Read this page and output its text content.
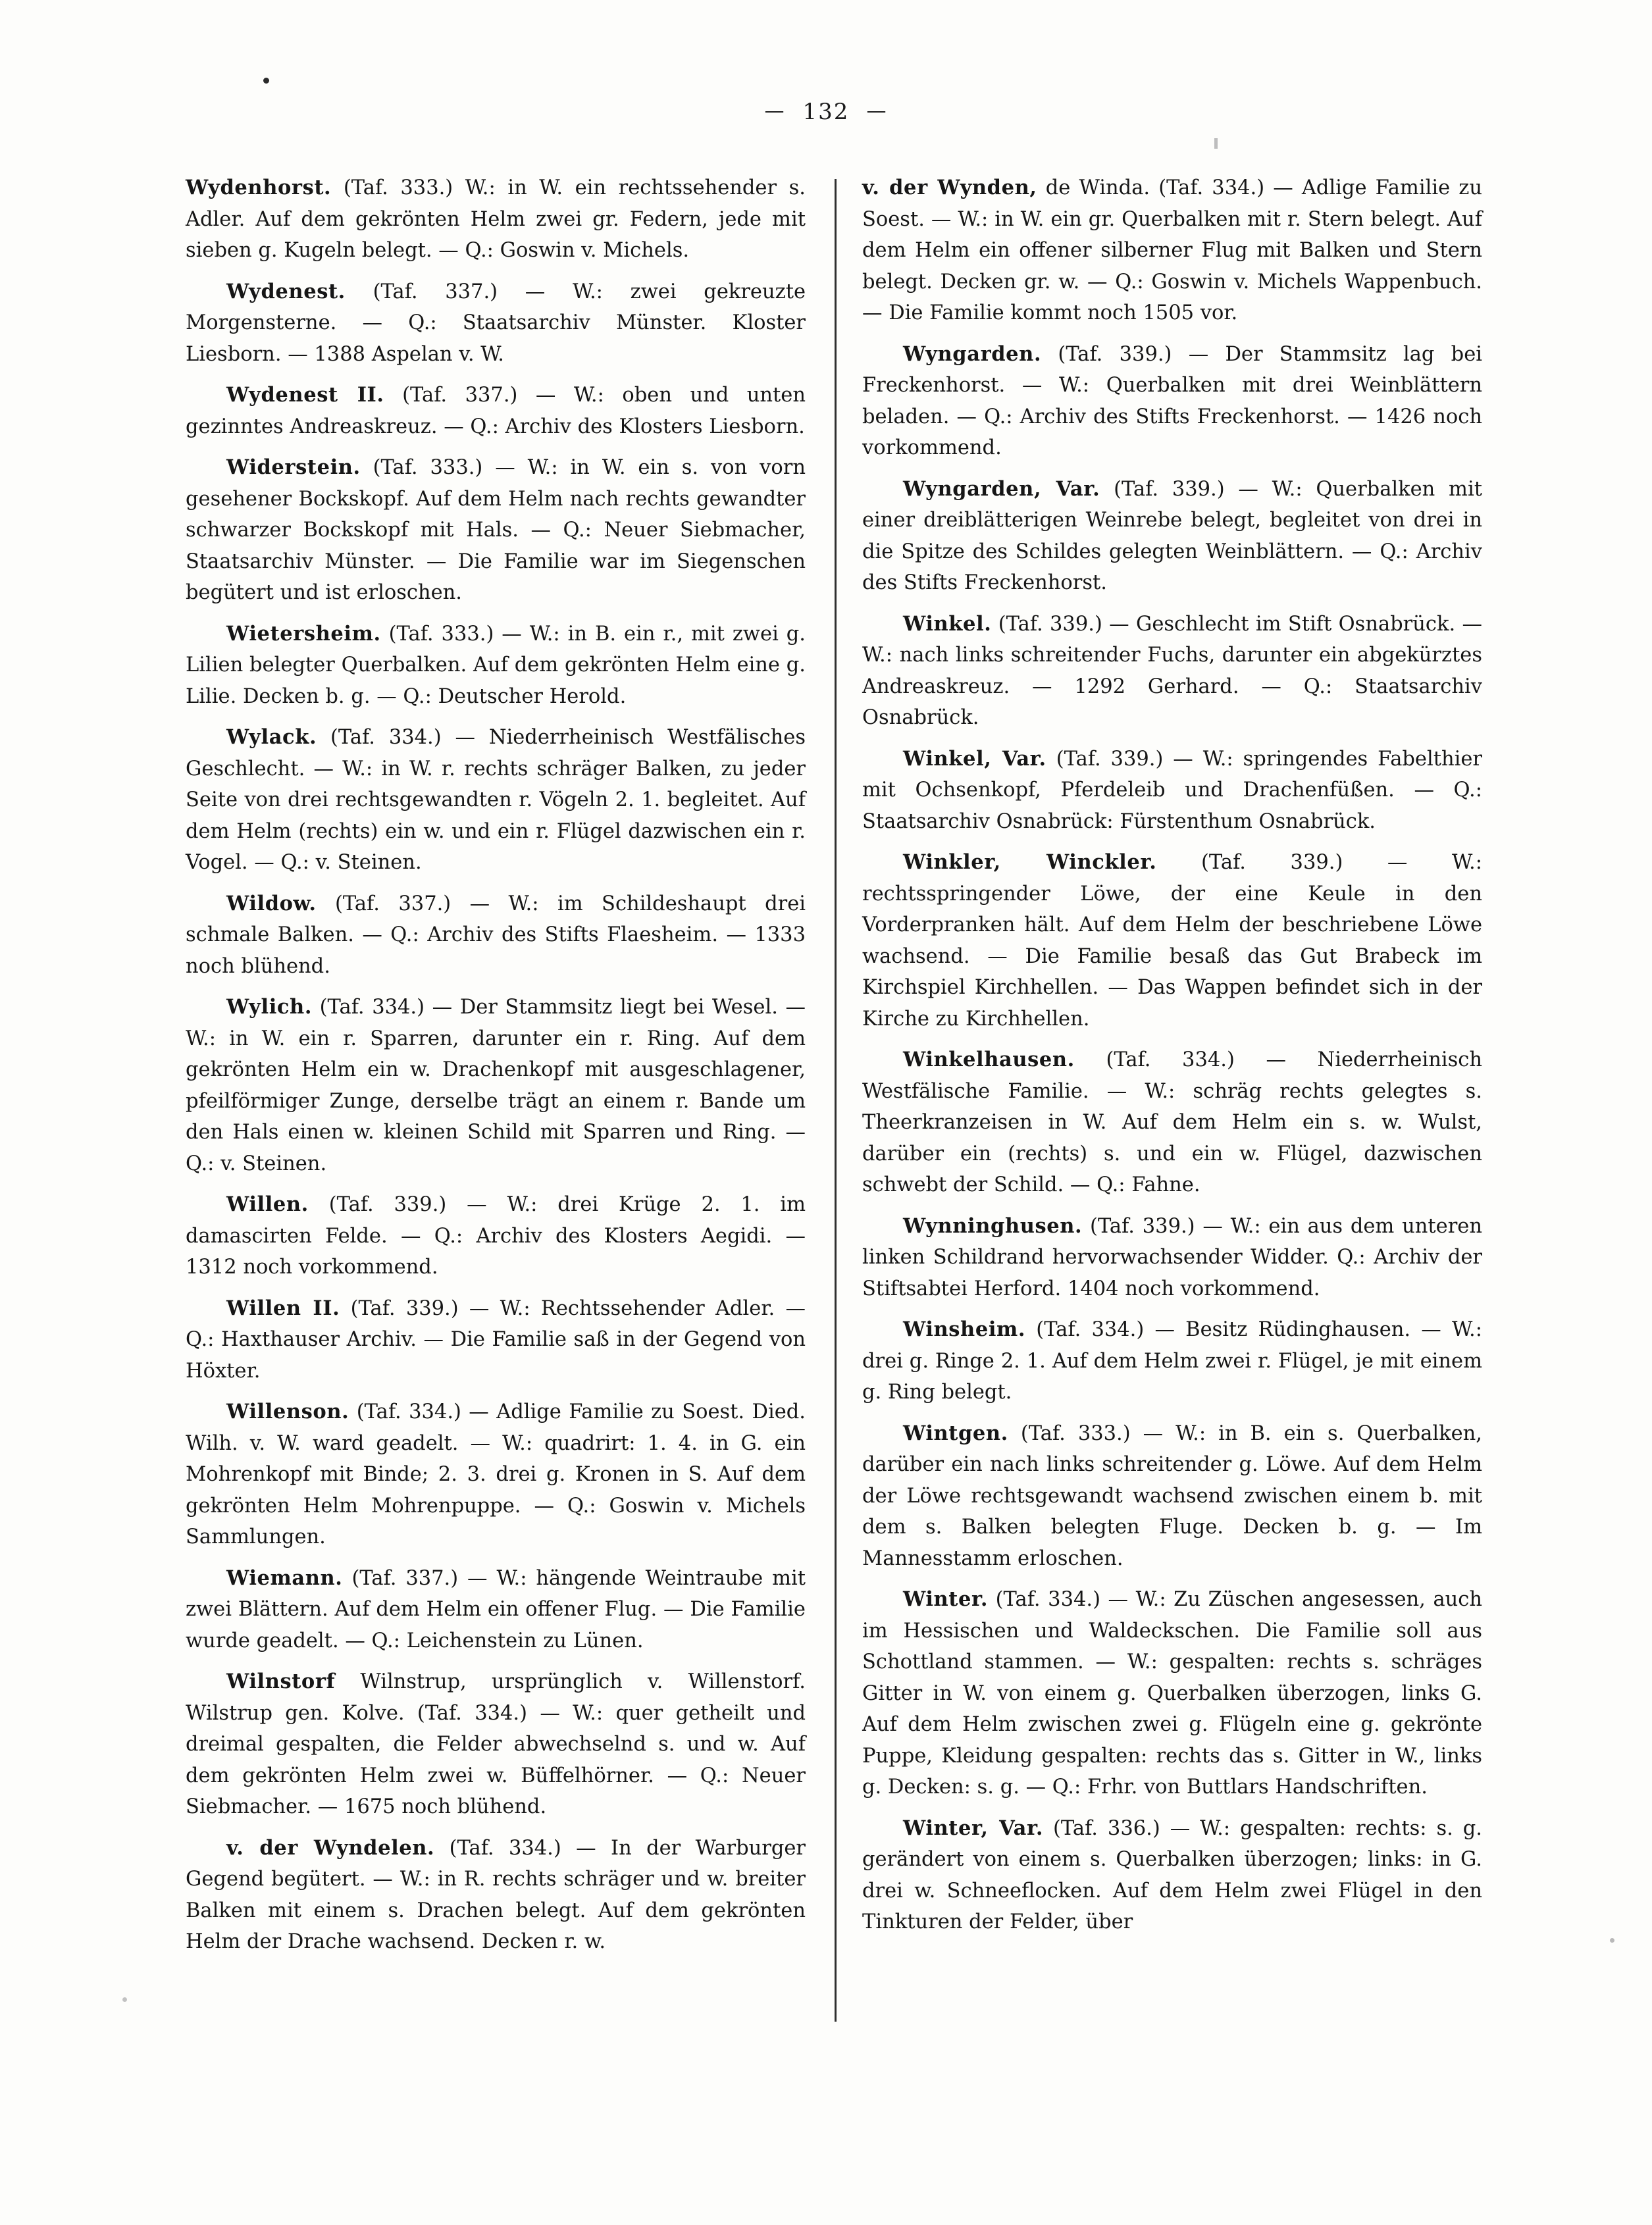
— 132 —

Wydenhorst. (Taf. 333.) W.: in W. ein rechtssehender s. Adler. Auf dem gekrönten Helm zwei gr. Federn, jede mit sieben g. Kugeln belegt. — Q.: Goswin v. Michels.

Wydenest. (Taf. 337.) — W.: zwei gekreuzte Morgensterne. — Q.: Staatsarchiv Münster. Kloster Liesborn. — 1388 Aspelan v. W.

Wydenest II. (Taf. 337.) — W.: oben und unten gezinntes Andreaskreuz. — Q.: Archiv des Klosters Liesborn.

Widerstein. (Taf. 333.) — W.: in W. ein s. von vorn gesehener Bockskopf. Auf dem Helm nach rechts gewandter schwarzer Bockskopf mit Hals. — Q.: Neuer Siebmacher, Staatsarchiv Münster. — Die Familie war im Siegenschen begütert und ist erloschen.

Wietersheim. (Taf. 333.) — W.: in B. ein r., mit zwei g. Lilien belegter Querbalken. Auf dem gekrönten Helm eine g. Lilie. Decken b. g. — Q.: Deutscher Herold.

Wylack. (Taf. 334.) — Niederrheinisch Westfälisches Geschlecht. — W.: in W. r. rechts schräger Balken, zu jeder Seite von drei rechtsgewandten r. Vögeln 2. 1. begleitet. Auf dem Helm (rechts) ein w. und ein r. Flügel dazwischen ein r. Vogel. — Q.: v. Steinen.

Wildow. (Taf. 337.) — W.: im Schildeshaupt drei schmale Balken. — Q.: Archiv des Stifts Flaesheim. — 1333 noch blühend.

Wylich. (Taf. 334.) — Der Stammsitz liegt bei Wesel. — W.: in W. ein r. Sparren, darunter ein r. Ring. Auf dem gekrönten Helm ein w. Drachenkopf mit ausgeschlagener, pfeilförmiger Zunge, derselbe trägt an einem r. Bande um den Hals einen w. kleinen Schild mit Sparren und Ring. — Q.: v. Steinen.

Willen. (Taf. 339.) — W.: drei Krüge 2. 1. im damascirten Felde. — Q.: Archiv des Klosters Aegidi. — 1312 noch vorkommend.

Willen II. (Taf. 339.) — W.: Rechtssehender Adler. — Q.: Haxthauser Archiv. — Die Familie saß in der Gegend von Höxter.

Willenson. (Taf. 334.) — Adlige Familie zu Soest. Died. Wilh. v. W. ward geadelt. — W.: quadrirt: 1. 4. in G. ein Mohrenkopf mit Binde; 2. 3. drei g. Kronen in S. Auf dem gekrönten Helm Mohrenpuppe. — Q.: Goswin v. Michels Sammlungen.

Wiemann. (Taf. 337.) — W.: hängende Weintraube mit zwei Blättern. Auf dem Helm ein offener Flug. — Die Familie wurde geadelt. — Q.: Leichenstein zu Lünen.

Wilnstorf Wilnstrup, ursprünglich v. Willenstorf. Wilstrup gen. Kolve. (Taf. 334.) — W.: quer getheilt und dreimal gespalten, die Felder abwechselnd s. und w. Auf dem gekrönten Helm zwei w. Büffelhörner. — Q.: Neuer Siebmacher. — 1675 noch blühend.

v. der Wyndelen. (Taf. 334.) — In der Warburger Gegend begütert. — W.: in R. rechts schräger und w. breiter Balken mit einem s. Drachen belegt. Auf dem gekrönten Helm der Drache wachsend. Decken r. w.

v. der Wynden, de Winda. (Taf. 334.) — Adlige Familie zu Soest. — W.: in W. ein gr. Querbalken mit r. Stern belegt. Auf dem Helm ein offener silberner Flug mit Balken und Stern belegt. Decken gr. w. — Q.: Goswin v. Michels Wappenbuch. — Die Familie kommt noch 1505 vor.

Wyngarden. (Taf. 339.) — Der Stammsitz lag bei Freckenhorst. — W.: Querbalken mit drei Weinblättern beladen. — Q.: Archiv des Stifts Freckenhorst. — 1426 noch vorkommend.

Wyngarden, Var. (Taf. 339.) — W.: Querbalken mit einer dreiblätterigen Weinrebe belegt, begleitet von drei in die Spitze des Schildes gelegten Weinblättern. — Q.: Archiv des Stifts Freckenhorst.

Winkel. (Taf. 339.) — Geschlecht im Stift Osnabrück. — W.: nach links schreitender Fuchs, darunter ein abgekürztes Andreaskreuz. — 1292 Gerhard. — Q.: Staatsarchiv Osnabrück.

Winkel, Var. (Taf. 339.) — W.: springendes Fabelthier mit Ochsenkopf, Pferdeleib und Drachenfüßen. — Q.: Staatsarchiv Osnabrück: Fürstenthum Osnabrück.

Winkler, Winckler. (Taf. 339.) — W.: rechtsspringender Löwe, der eine Keule in den Vorderpranken hält. Auf dem Helm der beschriebene Löwe wachsend. — Die Familie besaß das Gut Brabeck im Kirchspiel Kirchhellen. — Das Wappen befindet sich in der Kirche zu Kirchhellen.

Winkelhausen. (Taf. 334.) — Niederrheinisch Westfälische Familie. — W.: schräg rechts gelegtes s. Theerkranzeisen in W. Auf dem Helm ein s. w. Wulst, darüber ein (rechts) s. und ein w. Flügel, dazwischen schwebt der Schild. — Q.: Fahne.

Wynninghusen. (Taf. 339.) — W.: ein aus dem unteren linken Schildrand hervorwachsender Widder. Q.: Archiv der Stiftsabtei Herford. 1404 noch vorkommend.

Winsheim. (Taf. 334.) — Besitz Rüdinghausen. — W.: drei g. Ringe 2. 1. Auf dem Helm zwei r. Flügel, je mit einem g. Ring belegt.

Wintgen. (Taf. 333.) — W.: in B. ein s. Querbalken, darüber ein nach links schreitender g. Löwe. Auf dem Helm der Löwe rechtsgewandt wachsend zwischen einem b. mit dem s. Balken belegten Fluge. Decken b. g. — Im Mannesstamm erloschen.

Winter. (Taf. 334.) — W.: Zu Züschen angesessen, auch im Hessischen und Waldeckschen. Die Familie soll aus Schottland stammen. — W.: gespalten: rechts s. schräges Gitter in W. von einem g. Querbalken überzogen, links G. Auf dem Helm zwischen zwei g. Flügeln eine g. gekrönte Puppe, Kleidung gespalten: rechts das s. Gitter in W., links g. Decken: s. g. — Q.: Frhr. von Buttlars Handschriften.

Winter, Var. (Taf. 336.) — W.: gespalten: rechts: s. g. gerändert von einem s. Querbalken überzogen; links: in G. drei w. Schneeflocken. Auf dem Helm zwei Flügel in den Tinkturen der Felder, über
